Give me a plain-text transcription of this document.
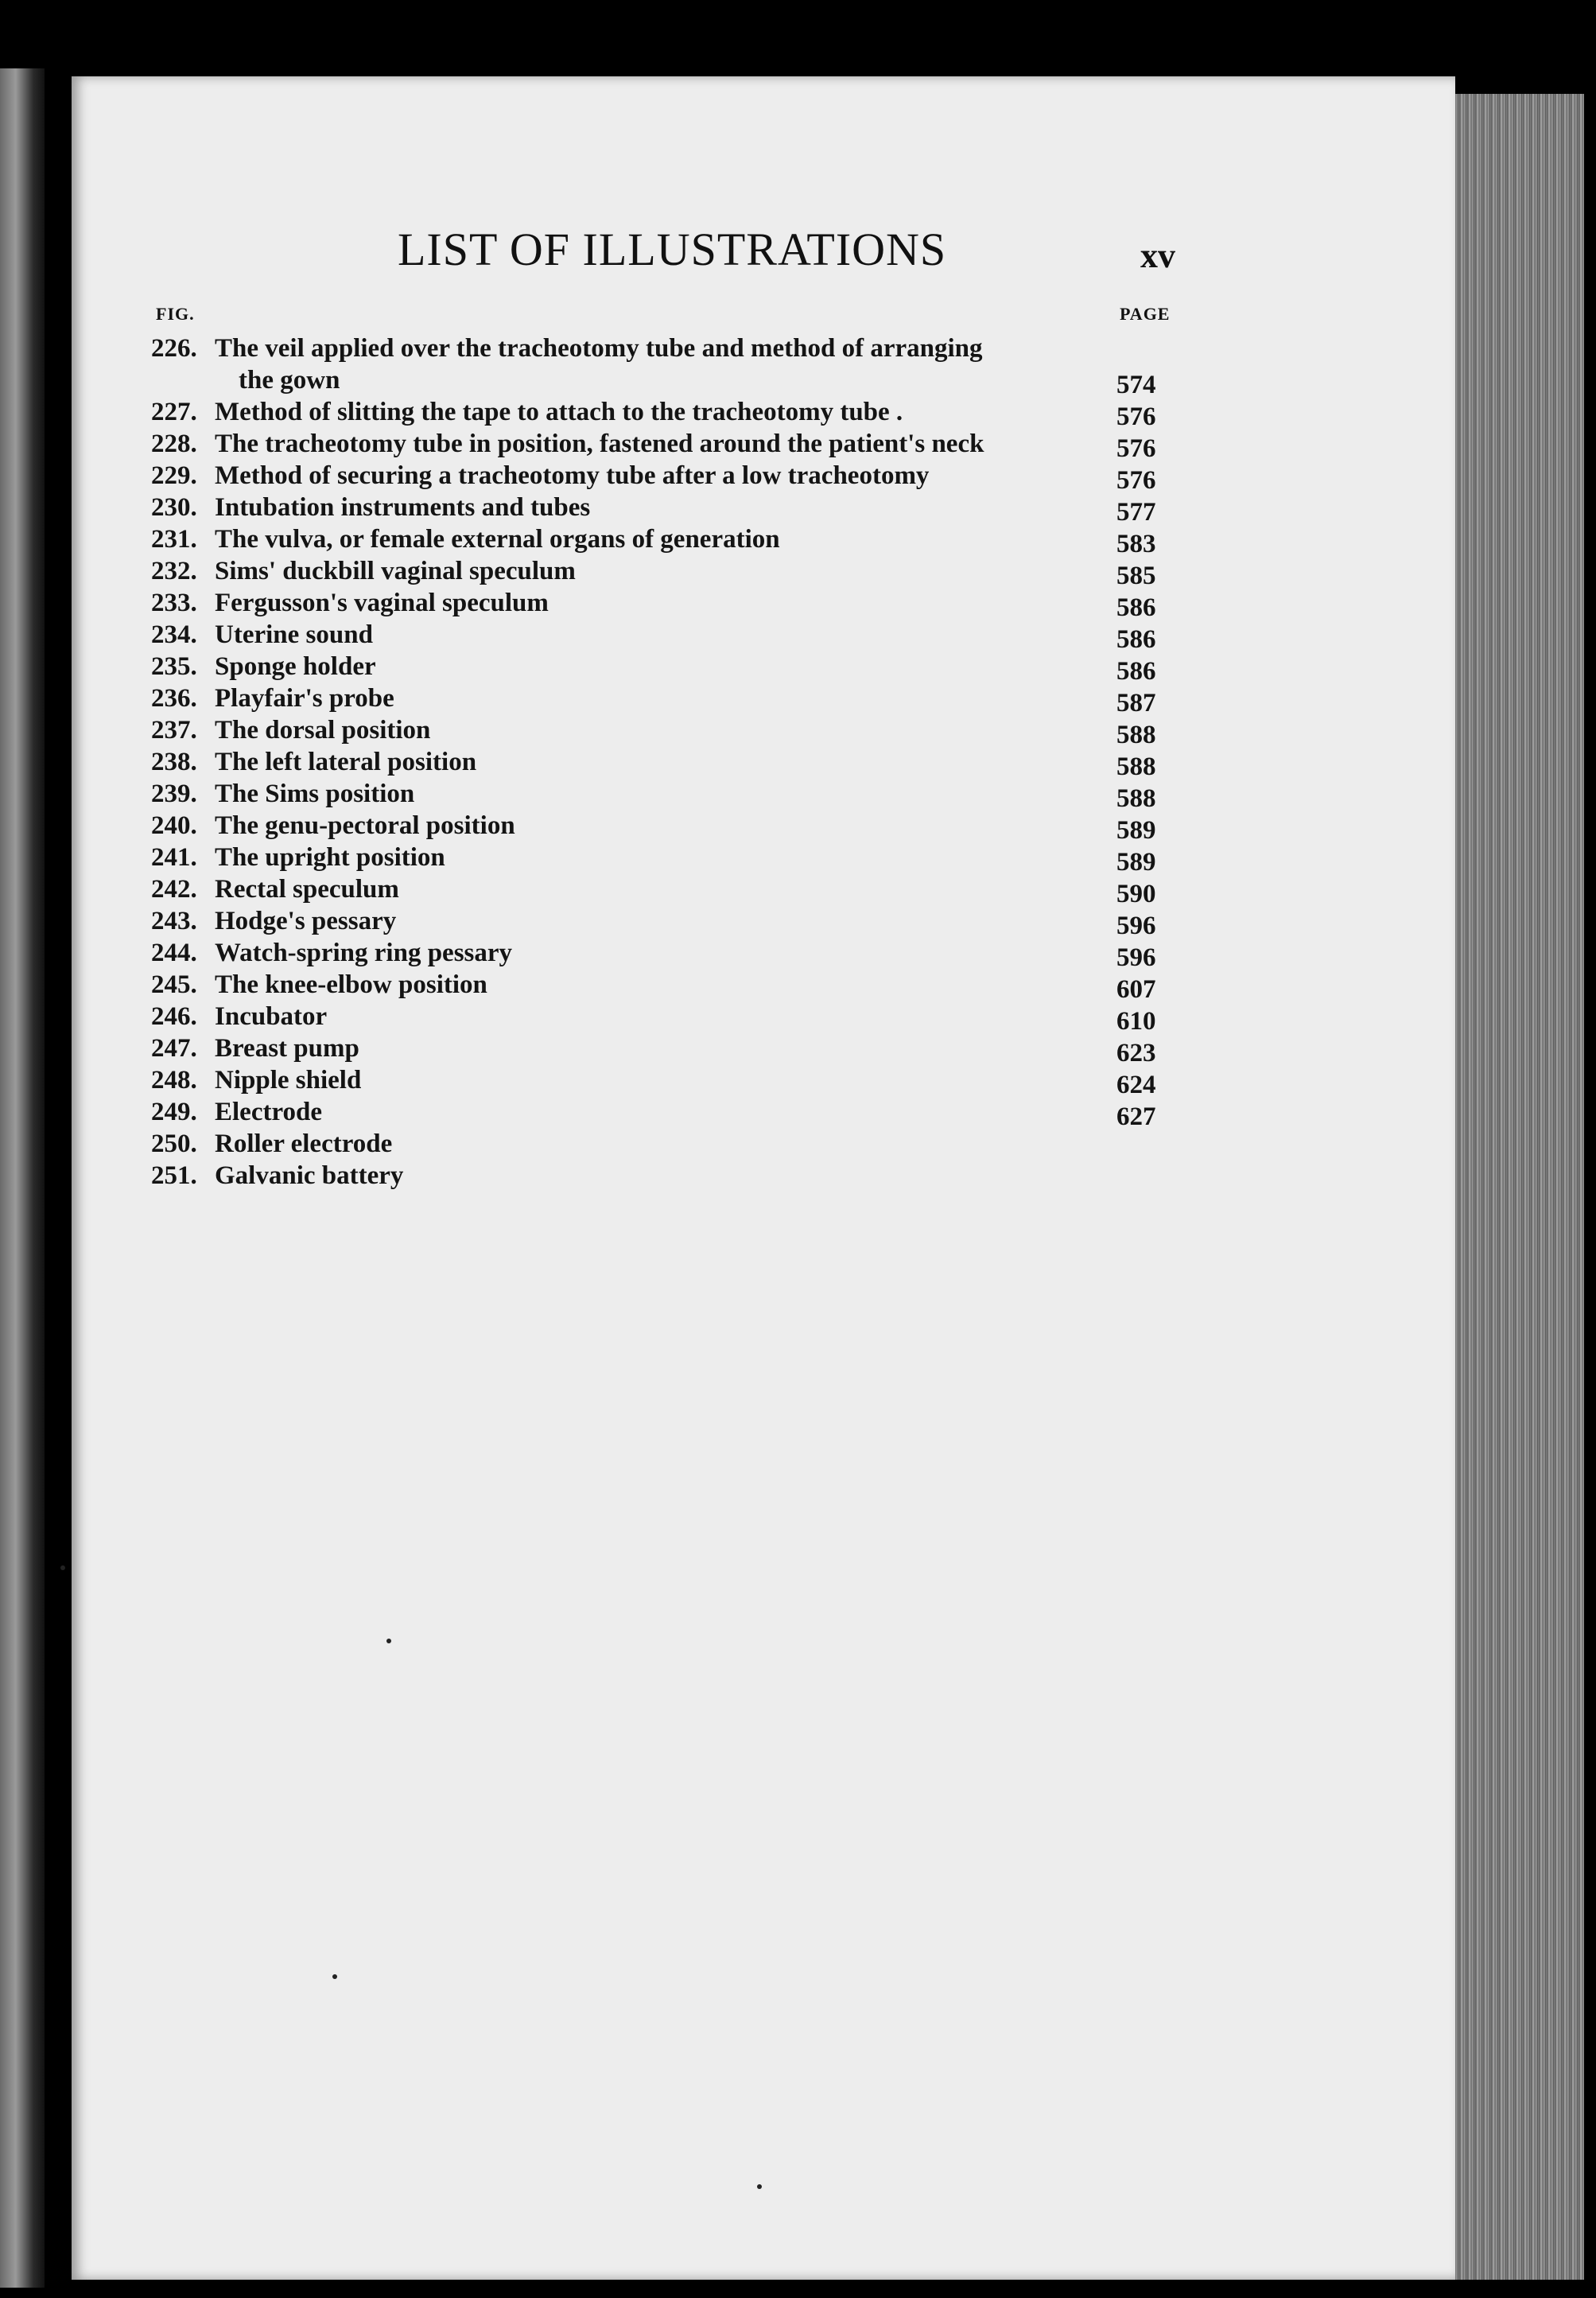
LIST OF ILLUSTRATIONS	xv
FIG.	PAGE
226. The veil applied over the tracheotomy tube and method of arranging
the gown	574
227. Method of slitting the tape to attach to the tracheotomy tube .	576
228. The tracheotomy tube in position, fastened around the patient's neck	576
229. Method of securing a tracheotomy tube after a low tracheotomy	576
230. Intubation instruments and tubes	577
231. The vulva, or female external organs of generation	583
232. Sims' duckbill vaginal speculum	585
233. Fergusson's vaginal speculum	586
234. Uterine sound	586
235. Sponge holder	586
236. Playfair's probe	587
237. The dorsal position	588
238. The left lateral position	588
239. The Sims position	588
240. The genu-pectoral position	589
241. The upright position	589
242. Rectal speculum	590
243. Hodge's pessary	596
244. Watch-spring ring pessary	596
245. The knee-elbow position	607
246. Incubator	610
247. Breast pump	623
248. Nipple shield	624
249. Electrode	627
250. Roller electrode
251. Galvanic battery
